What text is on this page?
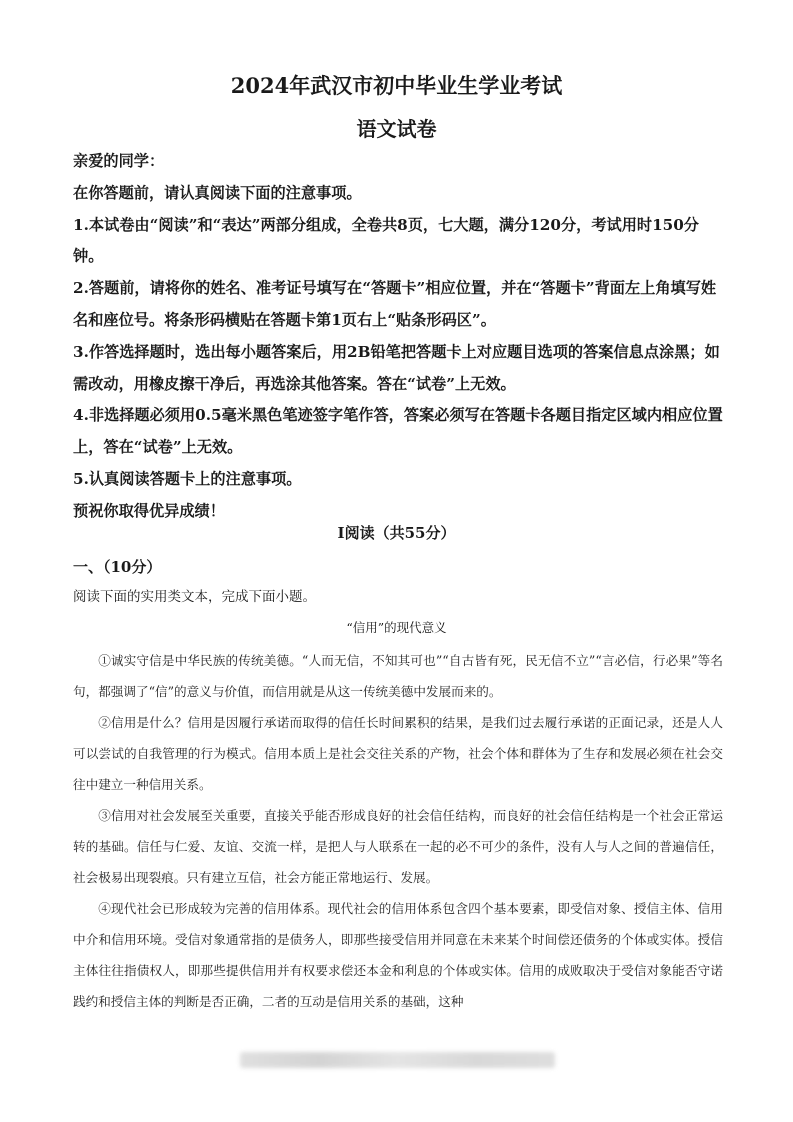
2024年武汉市初中毕业生学业考试
语文试卷

亲爱的同学：

在你答题前，请认真阅读下面的注意事项。

1.本试卷由“阅读”和“表达”两部分组成，全卷共8页，七大题，满分120分，考试用时150分钟。

2.答题前，请将你的姓名、准考证号填写在“答题卡”相应位置，并在“答题卡”背面左上角填写姓名和座位号。将条形码横贴在答题卡第1页右上“贴条形码区”。

3.作答选择题时，选出每小题答案后，用2B铅笔把答题卡上对应题目选项的答案信息点涂黑；如需改动，用橡皮擦干净后，再选涂其他答案。答在“试卷”上无效。

4.非选择题必须用0.5毫米黑色笔迹签字笔作答，答案必须写在答题卡各题目指定区域内相应位置上，答在“试卷”上无效。

5.认真阅读答题卡上的注意事项。

预祝你取得优异成绩！

Ⅰ阅读（共55分）
一、（10分）
阅读下面的实用类文本，完成下面小题。
“信用”的现代意义

①诚实守信是中华民族的传统美德。“人而无信，不知其可也”“自古皆有死，民无信不立”“言必信，行必果”等名句，都强调了“信”的意义与价值，而信用就是从这一传统美德中发展而来的。

②信用是什么？信用是因履行承诺而取得的信任长时间累积的结果，是我们过去履行承诺的正面记录，还是人人可以尝试的自我管理的行为模式。信用本质上是社会交往关系的产物，社会个体和群体为了生存和发展必须在社会交往中建立一种信用关系。

③信用对社会发展至关重要，直接关乎能否形成良好的社会信任结构，而良好的社会信任结构是一个社会正常运转的基础。信任与仁爱、友谊、交流一样，是把人与人联系在一起的必不可少的条件，没有人与人之间的普遍信任，社会极易出现裂痕。只有建立互信，社会方能正常地运行、发展。

④现代社会已形成较为完善的信用体系。现代社会的信用体系包含四个基本要素，即受信对象、授信主体、信用中介和信用环境。受信对象通常指的是债务人，即那些接受信用并同意在未来某个时间偿还债务的个体或实体。授信主体往往指债权人，即那些提供信用并有权要求偿还本金和利息的个体或实体。信用的成败取决于受信对象能否守诺践约和授信主体的判断是否正确，二者的互动是信用关系的基础，这种
